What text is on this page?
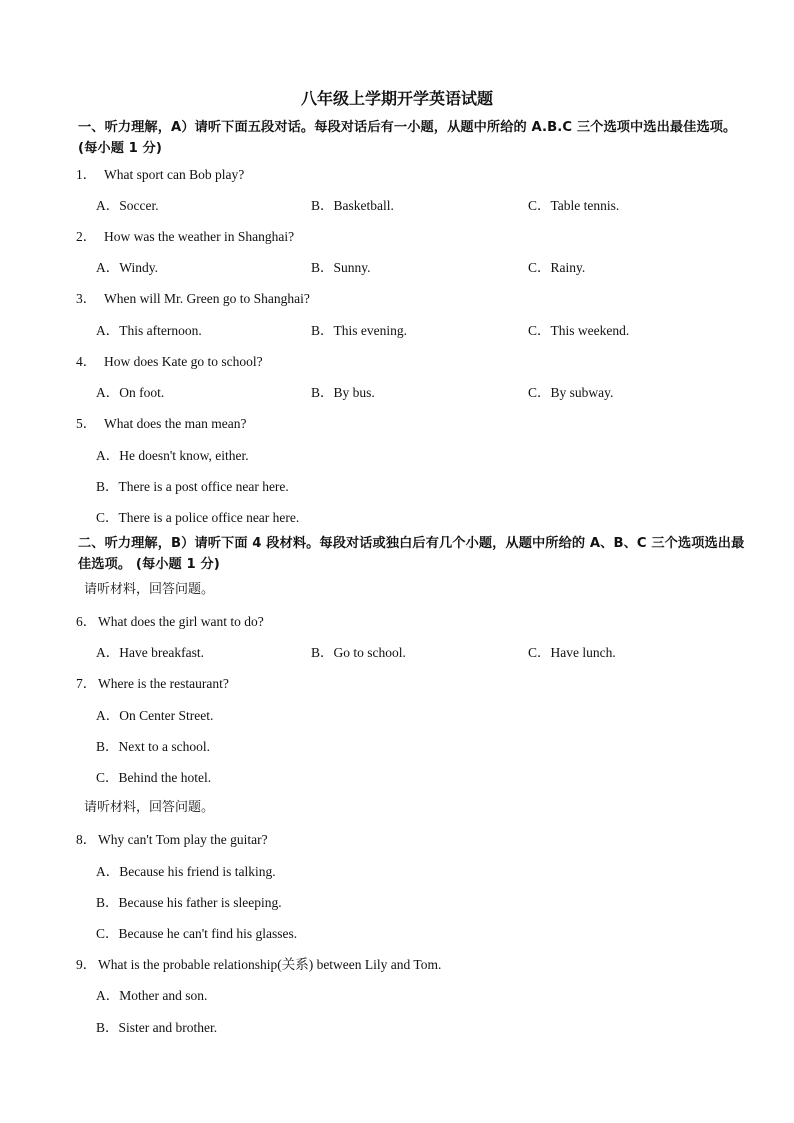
八年级上学期开学英语试题

一、听力理解，A）请听下面五段对话。每段对话后有一小题，从题中所给的 A.B.C 三个选项中选出最佳选项。(每小题 1 分)

1． What sport can Bob play?

A．Soccer.	B．Basketball.	C．Table tennis.

2． How was the weather in Shanghai?

A．Windy.	B．Sunny.	C．Rainy.

3． When will Mr. Green go to Shanghai?

A．This afternoon.	B．This evening.	C．This weekend.

4． How does Kate go to school?

A．On foot.	B．By bus.	C．By subway.

5． What does the man mean?

A．He doesn't know, either.

B．There is a post office near here.

C．There is a police office near here.

二、听力理解，B）请听下面 4 段材料。每段对话或独白后有几个小题，从题中所给的 A、B、C 三个选项选出最佳选项。 (每小题 1 分)

请听材料，回答问题。

6． What does the girl want to do?

A．Have breakfast.	B．Go to school.	C．Have lunch.

7． Where is the restaurant?

A．On Center Street.

B．Next to a school.

C．Behind the hotel.

请听材料，回答问题。

8． Why can't Tom play the guitar?

A．Because his friend is talking.

B．Because his father is sleeping.

C．Because he can't find his glasses.

9． What is the probable relationship(关系) between Lily and Tom.

A．Mother and son.

B．Sister and brother.
